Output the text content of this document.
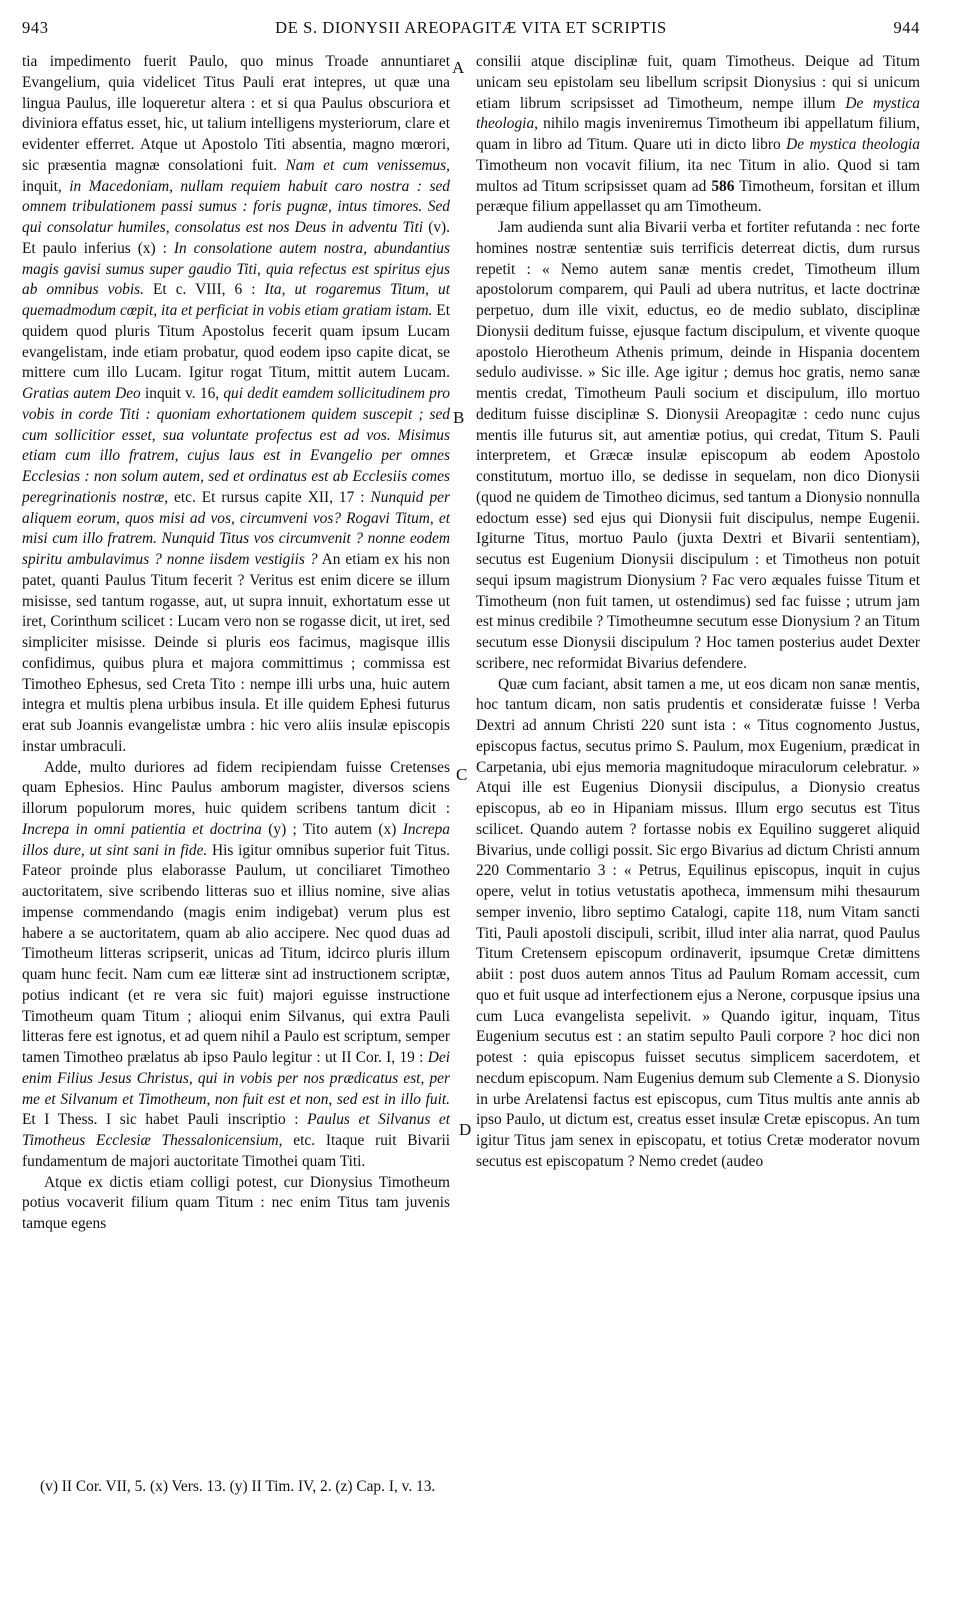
943	DE S. DIONYSII AREOPAGITÆ VITA ET SCRIPTIS	944

tia impedimento fuerit Paulo, quo minus Troade annuntiaret Evangelium, quia videlicet Titus Pauli erat intepres, ut quæ una lingua Paulus, ille loqueretur altera : et si qua Paulus obscuriora et diviniora effatus esset, hic, ut talium intelligens mysteriorum, clare et evidenter efferret. Atque ut Apostolo Titi absentia, magno mœrori, sic præsentia magnæ consolationi fuit. Nam et cum venissemus, inquit, in Macedoniam, nullam requiem habuit caro nostra : sed omnem tribulationem passi sumus : foris pugnæ, intus timores. Sed qui consolatur humiles, consolatus est nos Deus in adventu Titi (v). Et paulo inferius (x) : In consolatione autem nostra, abundantius magis gavisi sumus super gaudio Titi, quia refectus est spiritus ejus ab omnibus vobis. Et c. VIII, 6 : Ita, ut rogaremus Titum, ut quemadmodum cœpit, ita et perficiat in vobis etiam gratiam istam. Et quidem quod pluris Titum Apostolus fecerit quam ipsum Lucam evangelistam, inde etiam probatur, quod eodem ipso capite dicat, se mittere cum illo Lucam. Igitur rogat Titum, mittit autem Lucam. Gratias autem Deo inquit v. 16, qui dedit eamdem sollicitudinem pro vobis in corde Titi : quoniam exhortationem quidem suscepit ; sed cum sollicitior esset, sua voluntate profectus est ad vos. Misimus etiam cum illo fratrem, cujus laus est in Evangelio per omnes Ecclesias : non solum autem, sed et ordinatus est ab Ecclesiis comes peregrinationis nostræ, etc. Et rursus capite XII, 17 : Nunquid per aliquem eorum, quos misi ad vos, circumveni vos? Rogavi Titum, et misi cum illo fratrem. Nunquid Titus vos circumvenit ? nonne eodem spiritu ambulavimus ? nonne iisdem vestigiis ? An etiam ex his non patet, quanti Paulus Titum fecerit ? Veritus est enim dicere se illum misisse, sed tantum rogasse, aut, ut supra innuit, exhortatum esse ut iret, Corinthum scilicet : Lucam vero non se rogasse dicit, ut iret, sed simpliciter misisse. Deinde si pluris eos facimus, magisque illis confidimus, quibus plura et majora committimus ; commissa est Timotheo Ephesus, sed Creta Tito : nempe illi urbs una, huic autem integra et multis plena urbibus insula. Et ille quidem Ephesi futurus erat sub Joannis evangelistæ umbra : hic vero aliis insulæ episcopis instar umbraculi.

Adde, multo duriores ad fidem recipiendam fuisse Cretenses quam Ephesios. Hinc Paulus amborum magister, diversos sciens illorum populorum mores, huic quidem scribens tantum dicit : Increpa in omni patientia et doctrina (y) ; Tito autem (x) Increpa illos dure, ut sint sani in fide. His igitur omnibus superior fuit Titus. Fateor proinde plus elaborasse Paulum, ut conciliaret Timotheo auctoritatem, sive scribendo litteras suo et illius nomine, sive alias impense commendando (magis enim indigebat) verum plus est habere a se auctoritatem, quam ab alio accipere. Nec quod duas ad Timotheum litteras scripserit, unicas ad Titum, idcirco pluris illum quam hunc fecit. Nam cum eæ litteræ sint ad instructionem scriptæ, potius indicant (et re vera sic fuit) majori eguisse instructione Timotheum quam Titum ; alioqui enim Silvanus, qui extra Pauli litteras fere est ignotus, et ad quem nihil a Paulo est scriptum, semper tamen Timotheo prælatus ab ipso Paulo legitur : ut II Cor. I, 19 : Dei enim Filius Jesus Christus, qui in vobis per nos prædicatus est, per me et Silvanum et Timotheum, non fuit est et non, sed est in illo fuit. Et I Thess. I sic habet Pauli inscriptio : Paulus et Silvanus et Timotheus Ecclesiæ Thessalonicensium, etc. Itaque ruit Bivarii fundamentum de majori auctoritate Timothei quam Titi.

Atque ex dictis etiam colligi potest, cur Dionysius Timotheum potius vocaverit filium quam Titum : nec enim Titus tam juvenis tamque egens

consilii atque disciplinæ fuit, quam Timotheus. Deique ad Titum unicam seu epistolam seu libellum scripsit Dionysius : qui si unicum etiam librum scripsisset ad Timotheum, nempe illum De mystica theologia, nihilo magis inveniremus Timotheum ibi appellatum filium, quam in libro ad Titum. Quare uti in dicto libro De mystica theologia Timotheum non vocavit filium, ita nec Titum in alio. Quod si tam multos ad Titum scripsisset quam ad 586 Timotheum, forsitan et illum peræque filium appellasset qu am Timotheum.

Jam audienda sunt alia Bivarii verba et fortiter refutanda : nec forte homines nostræ sententiæ suis terrificis deterreat dictis, dum rursus repetit : « Nemo autem sanæ mentis credet, Timotheum illum apostolorum comparem, qui Pauli ad ubera nutritus, et lacte doctrinæ perpetuo, dum ille vixit, eductus, eo de medio sublato, disciplinæ Dionysii deditum fuisse, ejusque factum discipulum, et vivente quoque apostolo Hierotheum Athenis primum, deinde in Hispania docentem sedulo audivisse. » Sic ille. Age igitur ; demus hoc gratis, nemo sanæ mentis credat, Timotheum Pauli socium et discipulum, illo mortuo deditum fuisse disciplinæ S. Dionysii Areopagitæ : cedo nunc cujus mentis ille futurus sit, aut amentiæ potius, qui credat, Titum S. Pauli interpretem, et Græcæ insulæ episcopum ab eodem Apostolo constitutum, mortuo illo, se dedisse in sequelam, non dico Dionysii (quod ne quidem de Timotheo dicimus, sed tantum a Dionysio nonnulla edoctum esse) sed ejus qui Dionysii fuit discipulus, nempe Eugenii. Igiturne Titus, mortuo Paulo (juxta Dextri et Bivarii sententiam), secutus est Eugenium Dionysii discipulum : et Timotheus non potuit sequi ipsum magistrum Dionysium ? Fac vero æquales fuisse Titum et Timotheum (non fuit tamen, ut ostendimus) sed fac fuisse ; utrum jam est minus credibile ? Timotheumne secutum esse Dionysium ? an Titum secutum esse Dionysii discipulum ? Hoc tamen posterius audet Dexter scribere, nec reformidat Bivarius defendere.

Quæ cum faciant, absit tamen a me, ut eos dicam non sanæ mentis, hoc tantum dicam, non satis prudentis et consideratæ fuisse ! Verba Dextri ad annum Christi 220 sunt ista : « Titus cognomento Justus, episcopus factus, secutus primo S. Paulum, mox Eugenium, prædicat in Carpetania, ubi ejus memoria magnitudoque miraculorum celebratur. » Atqui ille est Eugenius Dionysii discipulus, a Dionysio creatus episcopus, ab eo in Hipaniam missus. Illum ergo secutus est Titus scilicet. Quando autem ? fortasse nobis ex Equilino suggeret aliquid Bivarius, unde colligi possit. Sic ergo Bivarius ad dictum Christi annum 220 Commentario 3 : « Petrus, Equilinus episcopus, inquit in cujus opere, velut in totius vetustatis apotheca, immensum mihi thesaurum semper invenio, libro septimo Catalogi, capite 118, num Vitam sancti Titi, Pauli apostoli discipuli, scribit, illud inter alia narrat, quod Paulus Titum Cretensem episcopum ordinaverit, ipsumque Cretæ dimittens abiit : post duos autem annos Titus ad Paulum Romam accessit, cum quo et fuit usque ad interfectionem ejus a Nerone, corpusque ipsius una cum Luca evangelista sepelivit. » Quando igitur, inquam, Titus Eugenium secutus est : an statim sepulto Pauli corpore ? hoc dici non potest : quia episcopus fuisset secutus simplicem sacerdotem, et necdum episcopum. Nam Eugenius demum sub Clemente a S. Dionysio in urbe Arelatensi factus est episcopus, cum Titus multis ante annis ab ipso Paulo, ut dictum est, creatus esset insulæ Cretæ episcopus. An tum igitur Titus jam senex in episcopatu, et totius Cretæ moderator novum secutus est episcopatum ? Nemo credet (audeo

A
B
C
D
(v) II Cor. VII, 5. (x) Vers. 13. (y) II Tim. IV, 2. (z) Cap. I, v. 13.
